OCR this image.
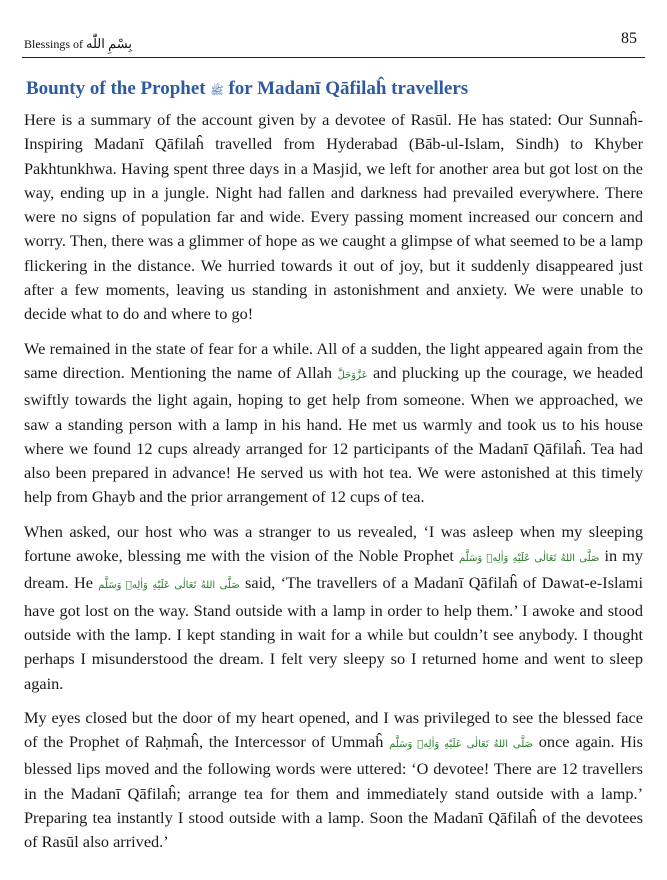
Blessings of بِسْمِ اللّٰه	85
Bounty of the Prophet ﷺ for Madanī Qāfilaĥ travellers

Here is a summary of the account given by a devotee of Rasūl. He has stated: Our Sunnaĥ-Inspiring Madanī Qāfilaĥ travelled from Hyderabad (Bāb-ul-Islam, Sindh) to Khyber Pakhtunkhwa. Having spent three days in a Masjid, we left for another area but got lost on the way, ending up in a jungle. Night had fallen and darkness had prevailed everywhere. There were no signs of population far and wide. Every passing moment increased our concern and worry. Then, there was a glimmer of hope as we caught a glimpse of what seemed to be a lamp flickering in the distance. We hurried towards it out of joy, but it suddenly disappeared just after a few moments, leaving us standing in astonishment and anxiety. We were unable to decide what to do and where to go!

We remained in the state of fear for a while. All of a sudden, the light appeared again from the same direction. Mentioning the name of Allah عَزَّوَجَلَّ and plucking up the courage, we headed swiftly towards the light again, hoping to get help from someone. When we approached, we saw a standing person with a lamp in his hand. He met us warmly and took us to his house where we found 12 cups already arranged for 12 participants of the Madanī Qāfilaĥ. Tea had also been prepared in advance! He served us with hot tea. We were astonished at this timely help from Ghayb and the prior arrangement of 12 cups of tea.

When asked, our host who was a stranger to us revealed, ‘I was asleep when my sleeping fortune awoke, blessing me with the vision of the Noble Prophet صَلَّى اللهُ تَعَالٰى عَلَيْهِ وَاٰلِهٖ وَسَلَّم in my dream. He صَلَّى اللهُ تَعَالٰى عَلَيْهِ وَاٰلِهٖ وَسَلَّم said, ‘The travellers of a Madanī Qāfilaĥ of Dawat-e-Islami have got lost on the way. Stand outside with a lamp in order to help them.’ I awoke and stood outside with the lamp. I kept standing in wait for a while but couldn’t see anybody. I thought perhaps I misunderstood the dream. I felt very sleepy so I returned home and went to sleep again.

My eyes closed but the door of my heart opened, and I was privileged to see the blessed face of the Prophet of Raḥmaĥ, the Intercessor of Ummaĥ صَلَّى اللهُ تَعَالٰى عَلَيْهِ وَاٰلِهٖ وَسَلَّم once again. His blessed lips moved and the following words were uttered: ‘O devotee! There are 12 travellers in the Madanī Qāfilaĥ; arrange tea for them and immediately stand outside with a lamp.’ Preparing tea instantly I stood outside with a lamp. Soon the Madanī Qāfilaĥ of the devotees of Rasūl also arrived.’
